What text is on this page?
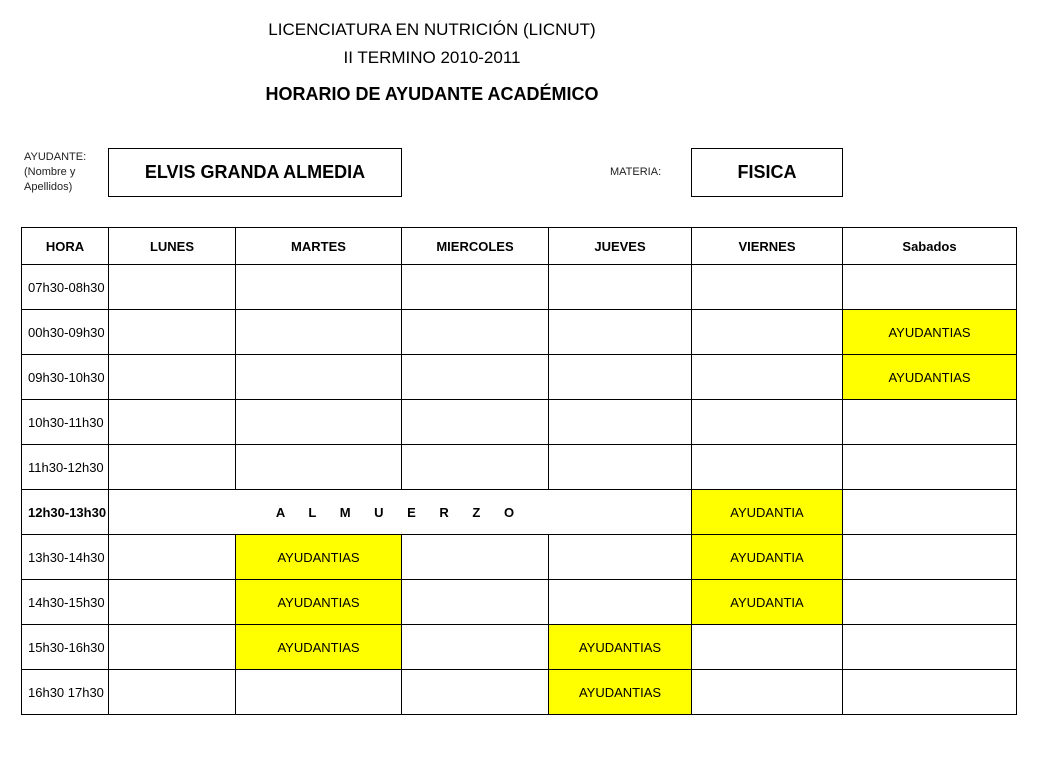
LICENCIATURA EN NUTRICIÓN (LICNUT)
II TERMINO 2010-2011
HORARIO DE AYUDANTE ACADÉMICO
AYUDANTE:
(Nombre y
Apellidos)
ELVIS GRANDA ALMEDIA	MATERIA:	FISICA
HORA	LUNES	MARTES	MIERCOLES	JUEVES	VIERNES	Sabados
07h30-08h30						
00h30-09h30						AYUDANTIAS
09h30-10h30						AYUDANTIAS
10h30-11h30						
11h30-12h30						
12h30-13h30	A L M U E R Z O				AYUDANTIA	
13h30-14h30		AYUDANTIAS			AYUDANTIA	
14h30-15h30		AYUDANTIAS			AYUDANTIA	
15h30-16h30		AYUDANTIAS		AYUDANTIAS		
16h30 17h30				AYUDANTIAS		
